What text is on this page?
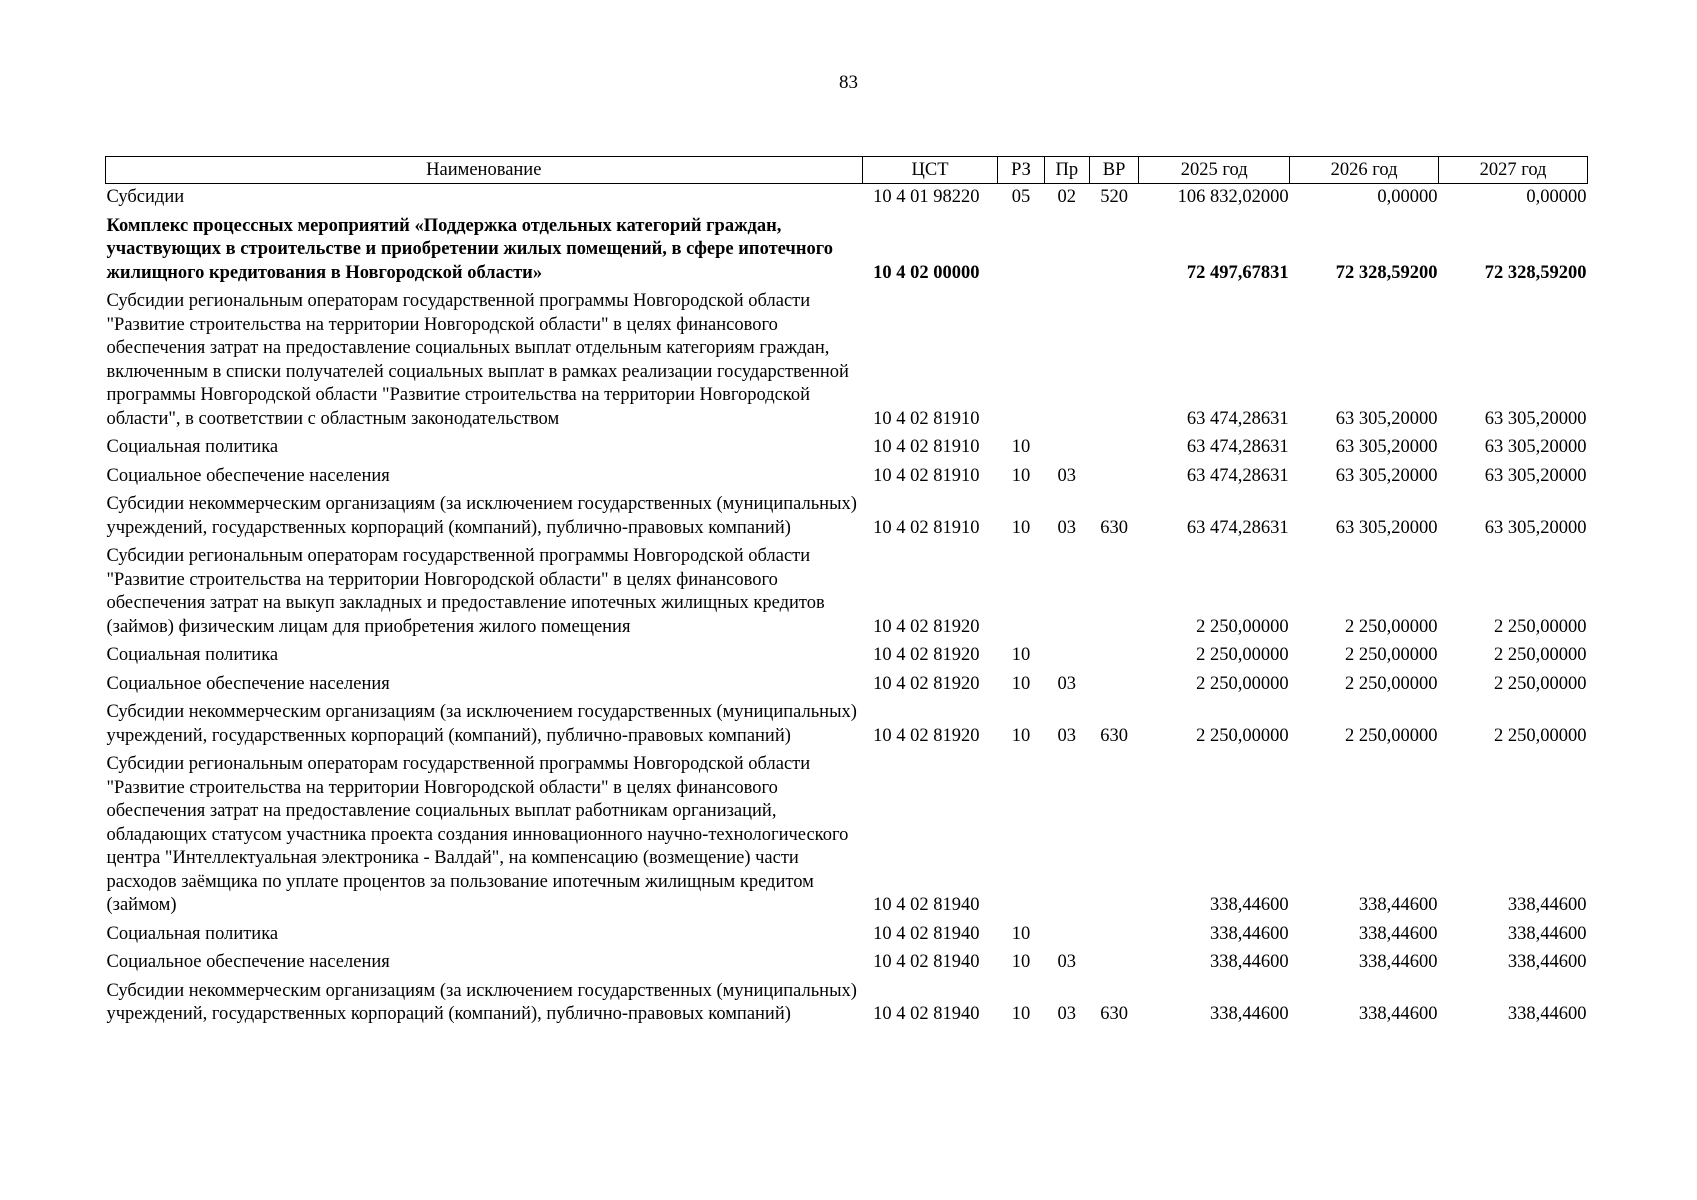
83
Наименование	ЦСТ	РЗ	Пр	ВР	2025 год	2026 год	2027 год
Субсидии	10 4 01 98220	05	02	520	106 832,02000	0,00000	0,00000
Комплекс процессных мероприятий «Поддержка отдельных категорий граждан, участвующих в строительстве и приобретении жилых помещений, в сфере ипотечного жилищного кредитования в Новгородской области»	10 4 02 00000				72 497,67831	72 328,59200	72 328,59200
Субсидии региональным операторам государственной программы Новгородской области "Развитие строительства на территории Новгородской области" в целях финансового обеспечения затрат на предоставление социальных выплат отдельным категориям граждан, включенным в списки получателей социальных выплат в рамках реализации государственной программы Новгородской области "Развитие строительства на территории Новгородской области", в соответствии с областным законодательством	10 4 02 81910				63 474,28631	63 305,20000	63 305,20000
Социальная политика	10 4 02 81910	10			63 474,28631	63 305,20000	63 305,20000
Социальное обеспечение населения	10 4 02 81910	10	03		63 474,28631	63 305,20000	63 305,20000
Субсидии некоммерческим организациям (за исключением государственных (муниципальных) учреждений, государственных корпораций (компаний), публично-правовых компаний)	10 4 02 81910	10	03	630	63 474,28631	63 305,20000	63 305,20000
Субсидии региональным операторам государственной программы Новгородской области "Развитие строительства на территории Новгородской области" в целях финансового обеспечения затрат на выкуп закладных и предоставление ипотечных жилищных кредитов (займов) физическим лицам для приобретения жилого помещения	10 4 02 81920				2 250,00000	2 250,00000	2 250,00000
Социальная политика	10 4 02 81920	10			2 250,00000	2 250,00000	2 250,00000
Социальное обеспечение населения	10 4 02 81920	10	03		2 250,00000	2 250,00000	2 250,00000
Субсидии некоммерческим организациям (за исключением государственных (муниципальных) учреждений, государственных корпораций (компаний), публично-правовых компаний)	10 4 02 81920	10	03	630	2 250,00000	2 250,00000	2 250,00000
Субсидии региональным операторам государственной программы Новгородской области "Развитие строительства на территории Новгородской области" в целях финансового обеспечения затрат на предоставление социальных выплат работникам организаций, обладающих статусом участника проекта создания инновационного научно-технологического центра "Интеллектуальная электроника - Валдай", на компенсацию (возмещение) части расходов заёмщика по уплате процентов за пользование ипотечным жилищным кредитом (займом)	10 4 02 81940				338,44600	338,44600	338,44600
Социальная политика	10 4 02 81940	10			338,44600	338,44600	338,44600
Социальное обеспечение населения	10 4 02 81940	10	03		338,44600	338,44600	338,44600
Субсидии некоммерческим организациям (за исключением государственных (муниципальных) учреждений, государственных корпораций (компаний), публично-правовых компаний)	10 4 02 81940	10	03	630	338,44600	338,44600	338,44600
